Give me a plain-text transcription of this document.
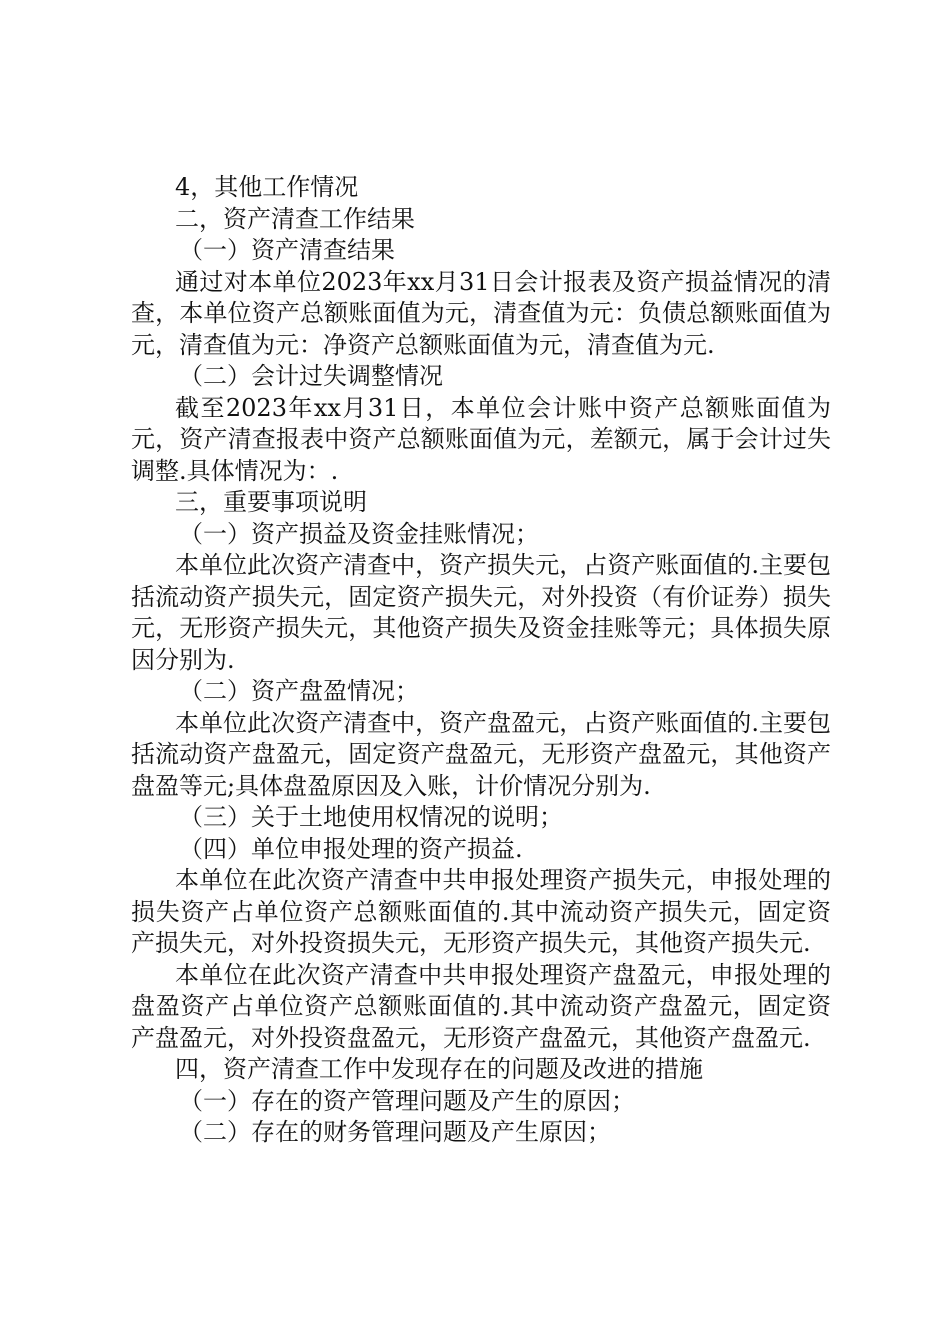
4，其他工作情况

二，资产清查工作结果

（一）资产清查结果

通过对本单位2023年xx月31日会计报表及资产损益情况的清查，本单位资产总额账面值为元，清查值为元：负债总额账面值为元，清查值为元：净资产总额账面值为元，清查值为元.

（二）会计过失调整情况

截至2023年xx月31日，本单位会计账中资产总额账面值为元，资产清查报表中资产总额账面值为元，差额元，属于会计过失调整.具体情况为：.

三，重要事项说明

（一）资产损益及资金挂账情况；

本单位此次资产清查中，资产损失元，占资产账面值的.主要包括流动资产损失元，固定资产损失元，对外投资（有价证券）损失元，无形资产损失元，其他资产损失及资金挂账等元；具体损失原因分别为.

（二）资产盘盈情况；

本单位此次资产清查中，资产盘盈元，占资产账面值的.主要包括流动资产盘盈元，固定资产盘盈元，无形资产盘盈元，其他资产盘盈等元;具体盘盈原因及入账，计价情况分别为.

（三）关于土地使用权情况的说明；

（四）单位申报处理的资产损益.

本单位在此次资产清查中共申报处理资产损失元，申报处理的损失资产占单位资产总额账面值的.其中流动资产损失元，固定资产损失元，对外投资损失元，无形资产损失元，其他资产损失元.

本单位在此次资产清查中共申报处理资产盘盈元，申报处理的盘盈资产占单位资产总额账面值的.其中流动资产盘盈元，固定资产盘盈元，对外投资盘盈元，无形资产盘盈元，其他资产盘盈元.

四，资产清查工作中发现存在的问题及改进的措施

（一）存在的资产管理问题及产生的原因；

（二）存在的财务管理问题及产生原因；
